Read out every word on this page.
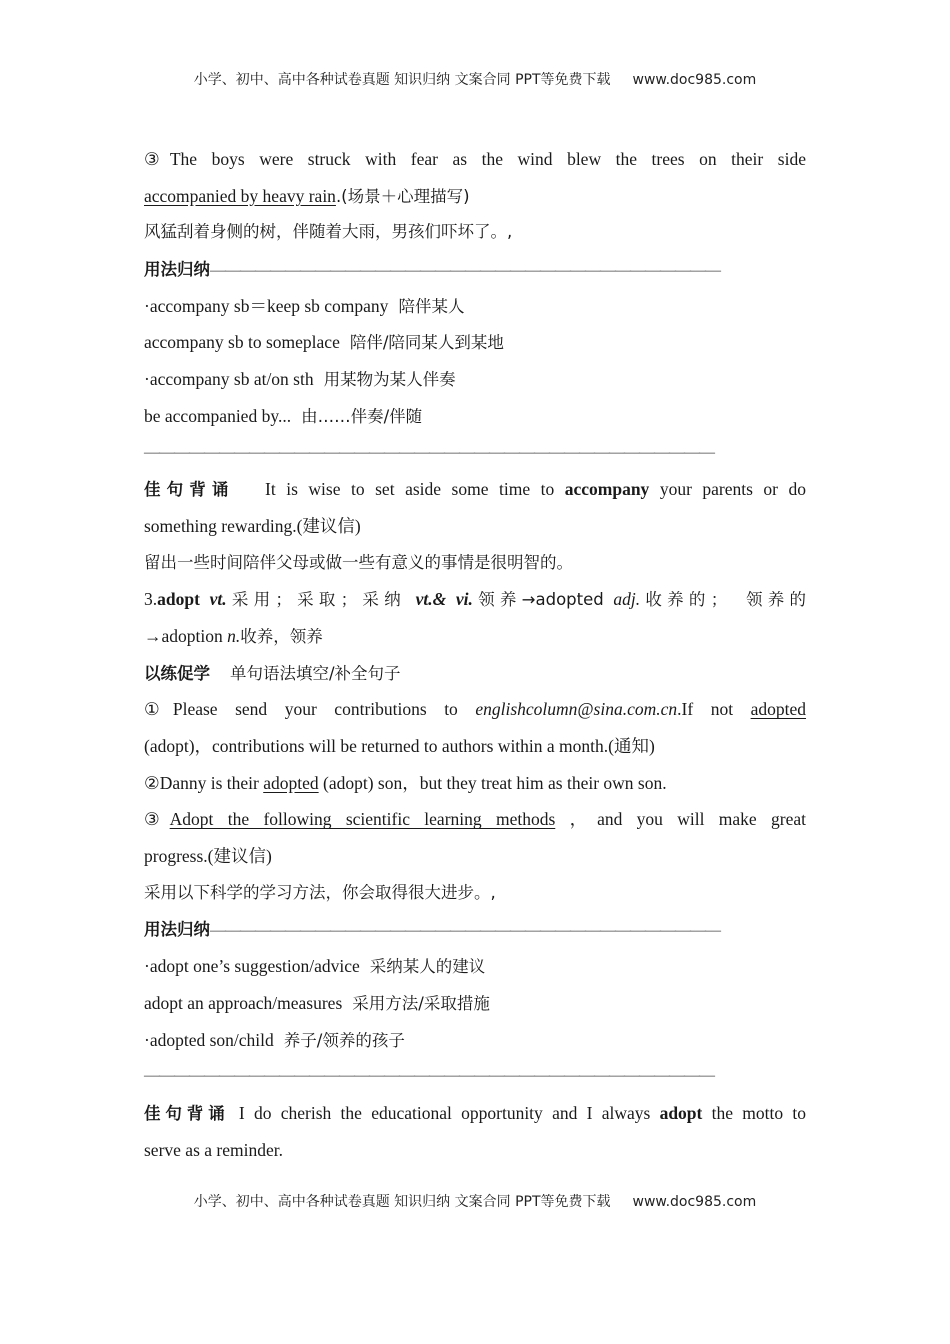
小学、初中、高中各种试卷真题 知识归纳 文案合同 PPT等免费下载 www.doc985.com
③The boys were struck with fear as the wind blew the trees on their side
accompanied by heavy rain.(场景＋心理描写)
风猛刮着身侧的树，伴随着大雨，男孩们吓坏了。,
用法归纳——————————————————————————————————
·accompany sb＝keep sb company 陪伴某人
accompany sb to someplace 陪伴/陪同某人到某地
·accompany sb at/on sth 用某物为某人伴奏
be accompanied by... 由……伴奏/伴随
——————————————————————————————————————
佳句背诵 It is wise to set aside some time to accompany your parents or do
something rewarding.(建议信)
留出一些时间陪伴父母或做一些有意义的事情是很明智的。
3.adopt vt.采用；采取；采纳 vt.& vi.领养→adopted adj.收养的；　领养的
→adoption n.收养，领养
以练促学 单句语法填空/补全句子
①Please send your contributions to englishcolumn@sina.com.cn.If not adopted
(adopt)，contributions will be returned to authors within a month.(通知)
②Danny is their adopted (adopt) son，but they treat him as their own son.
③Adopt the following scientific learning methods ，and you will make great
progress.(建议信)
采用以下科学的学习方法，你会取得很大进步。,
用法归纳——————————————————————————————————
·adopt one’s suggestion/advice 采纳某人的建议
adopt an approach/measures 采用方法/采取措施
·adopted son/child 养子/领养的孩子
——————————————————————————————————————
佳句背诵 I do cherish the educational opportunity and I always adopt the motto to
serve as a reminder.
小学、初中、高中各种试卷真题 知识归纳 文案合同 PPT等免费下载 www.doc985.com
